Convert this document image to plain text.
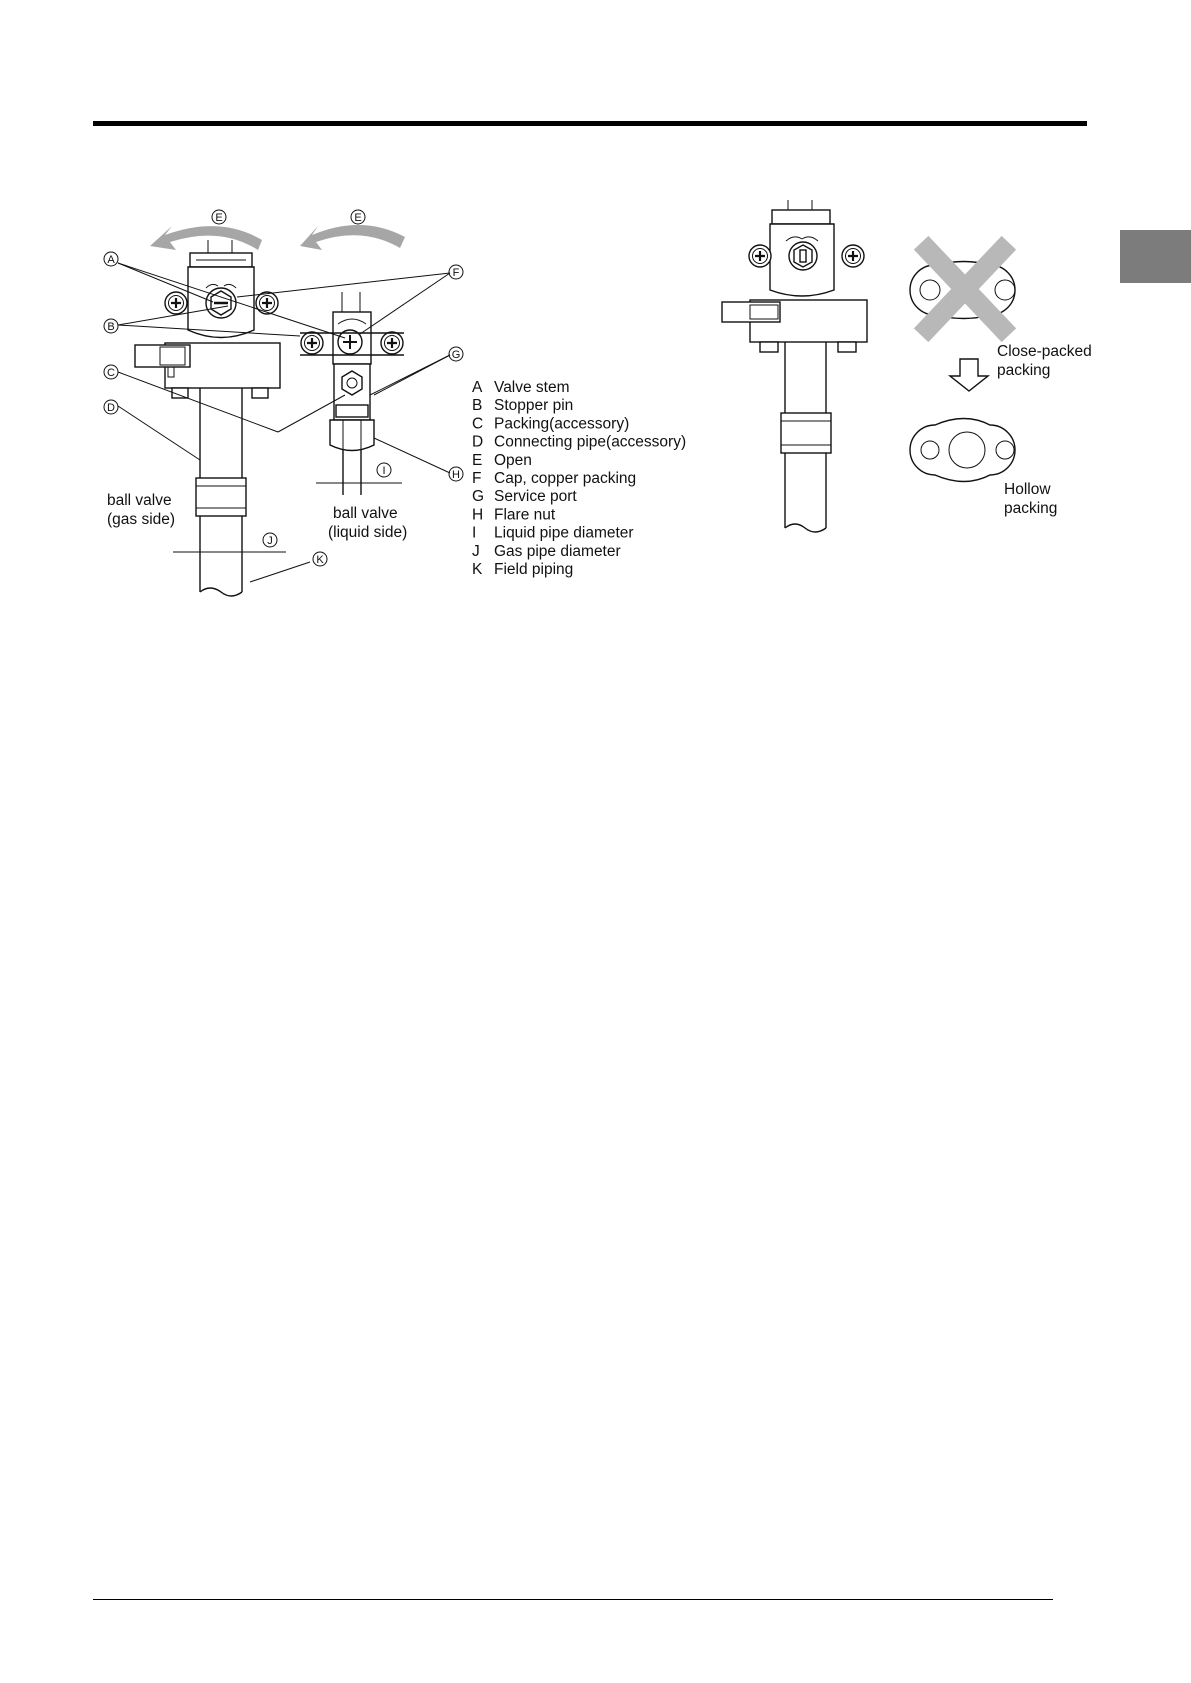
E	E
A
B
C
D
F
G
H
I
J
K
ball valve
(gas side)	ball valve
(liquid side)
A Valve stem
B Stopper pin
C Packing(accessory)
D Connecting pipe(accessory)
E Open
F Cap, copper packing
G Service port
H Flare nut
I Liquid pipe diameter
J Gas pipe diameter
K Field piping
Close-packed
packing
Hollow
packing
